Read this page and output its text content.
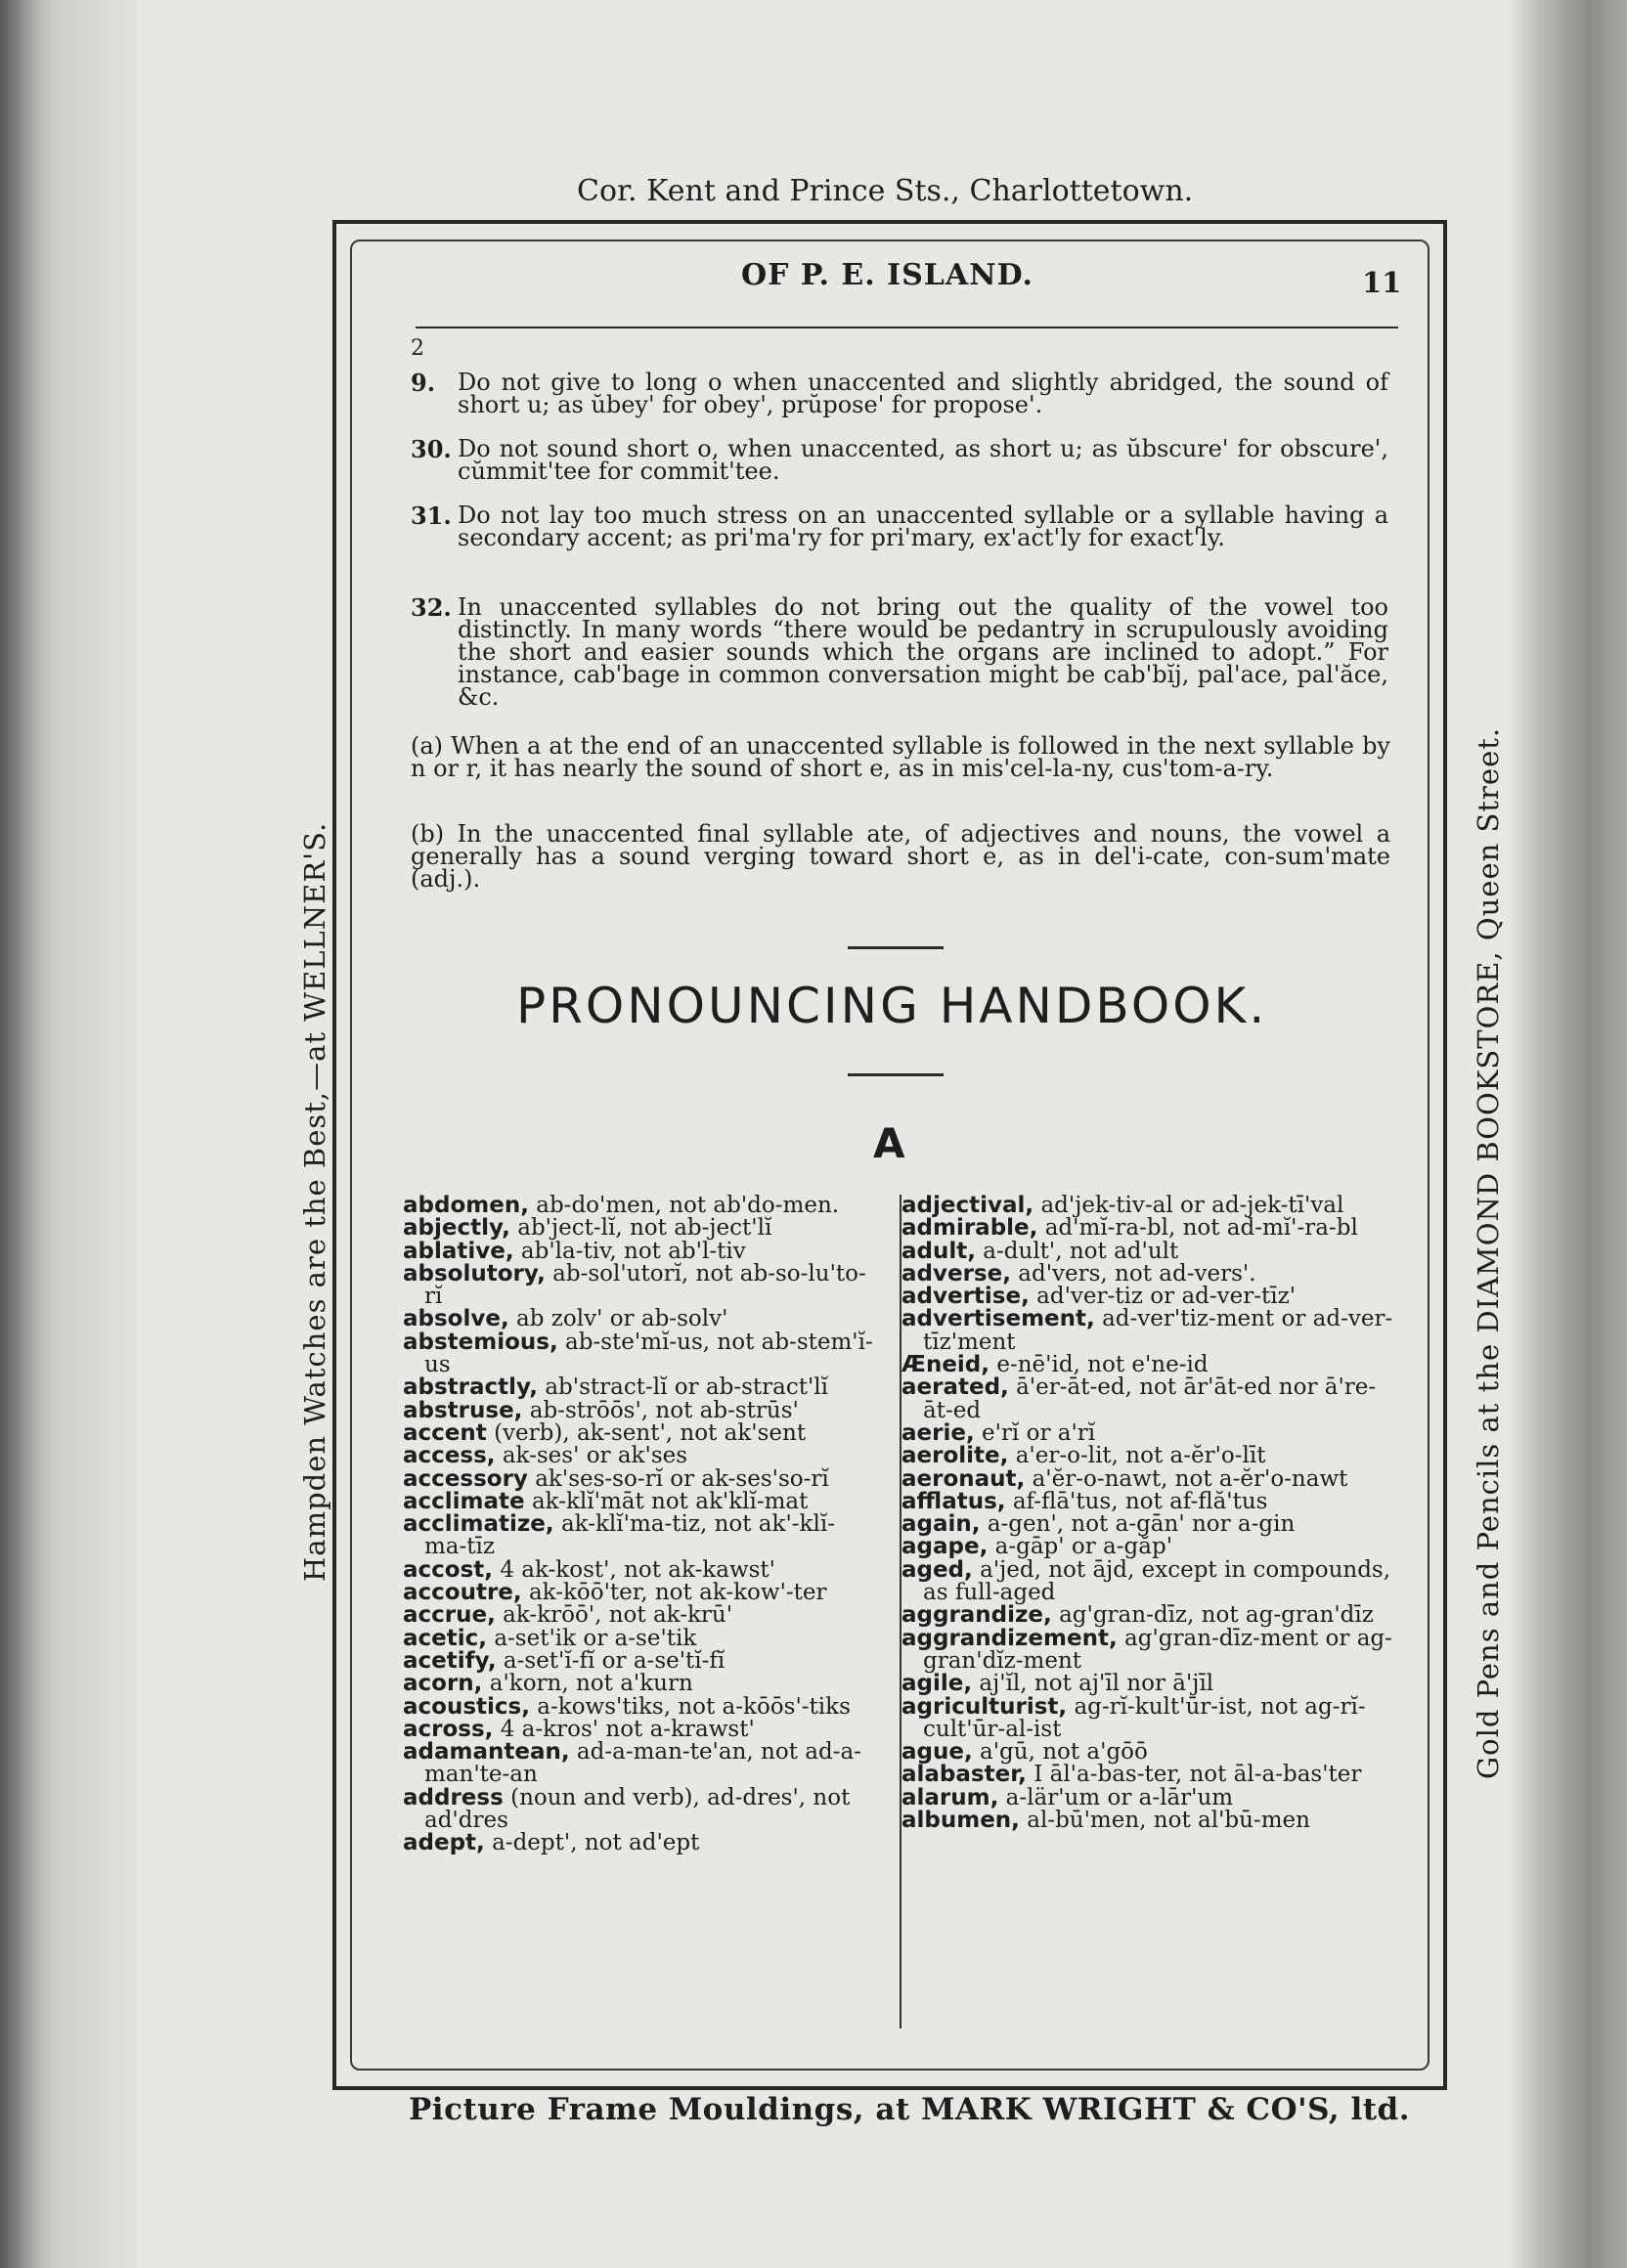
Cor. Kent and Prince Sts., Charlottetown.
Hampden Watches are the Best,—at WELLNER'S.	Gold Pens and Pencils at the DIAMOND BOOKSTORE, Queen Street.
OF P. E. ISLAND.	11
2
9. Do not give to long o when unaccented and slightly abridged, the sound of short u; as ŭbey' for obey', prŭpose' for propose'.
30. Do not sound short o, when unaccented, as short u; as ŭbscure' for obscure', cŭmmit'tee for commit'tee.
31. Do not lay too much stress on an unaccented syllable or a syllable having a secondary accent; as pri'ma'ry for pri'mary, ex'act'ly for exact'ly.
32. In unaccented syllables do not bring out the quality of the vowel too distinctly. In many words “there would be pedantry in scrupulously avoiding the short and easier sounds which the organs are inclined to adopt.” For instance, cab'bage in common conversation might be cab'bĭj, pal'ace, pal'ăce, &c.
(a) When a at the end of an unaccented syllable is followed in the next syllable by n or r, it has nearly the sound of short e, as in mis'cel-la-ny, cus'tom-a-ry.
(b) In the unaccented final syllable ate, of adjectives and nouns, the vowel a generally has a sound verging toward short e, as in del'i-cate, con-sum'mate (adj.).
PRONOUNCING HANDBOOK.
A
abdomen, ab-do'men, not ab'do-men.
abjectly, ab'ject-lĭ, not ab-ject'lĭ
ablative, ab'la-tiv, not ab'l-tiv
absolutory, ab-sol'utorĭ, not ab-so-lu'to-rĭ
absolve, ab zolv' or ab-solv'
abstemious, ab-ste'mĭ-us, not ab-stem'ĭ-us
abstractly, ab'stract-lĭ or ab-stract'lĭ
abstruse, ab-strōōs', not ab-strūs'
accent (verb), ak-sent', not ak'sent
access, ak-ses' or ak'ses
accessory ak'ses-so-rĭ or ak-ses'so-rĭ
acclimate ak-klĭ'māt not ak'klĭ-mat
acclimatize, ak-klĭ'ma-tiz, not ak'-klĭ-ma-tīz
accost, 4 ak-kost', not ak-kawst'
accoutre, ak-kōō'ter, not ak-kow'-ter
accrue, ak-krōō', not ak-krū'
acetic, a-set'ik or a-se'tik
acetify, a-set'ĭ-fĭ or a-se'tĭ-fĭ
acorn, a'korn, not a'kurn
acoustics, a-kows'tiks, not a-kōōs'-tiks
across, 4 a-kros' not a-krawst'
adamantean, ad-a-man-te'an, not ad-a-man'te-an
address (noun and verb), ad-dres', not ad'dres
adept, a-dept', not ad'ept
adjectival, ad'jek-tiv-al or ad-jek-tī'val
admirable, ad'mĭ-ra-bl, not ad-mĭ'-ra-bl
adult, a-dult', not ad'ult
adverse, ad'vers, not ad-vers'.
advertise, ad'ver-tiz or ad-ver-tīz'
advertisement, ad-ver'tiz-ment or ad-ver-tīz'ment
Æneid, e-nē'id, not e'ne-id
aerated, ā'er-āt-ed, not ār'āt-ed nor ā're-āt-ed
aerie, e'rĭ or a'rĭ
aerolite, a'er-o-lit, not a-ĕr'o-līt
aeronaut, a'ĕr-o-nawt, not a-ĕr'o-nawt
afflatus, af-flā'tus, not af-flă'tus
again, a-gen', not a-gān' nor a-gin
agape, a-gāp' or a-găp'
aged, a'jed, not ājd, except in compounds, as full-aged
aggrandize, ag'gran-dīz, not ag-gran'dīz
aggrandizement, ag'gran-dīz-ment or ag-gran'dĭz-ment
agile, aj'ĭl, not aj'īl nor ā'jīl
agriculturist, ag-rĭ-kult'ūr-ist, not ag-rĭ-cult'ūr-al-ist
ague, a'gū, not a'gōō
alabaster, I āl'a-bas-ter, not āl-a-bas'ter
alarum, a-lär'um or a-lār'um
albumen, al-bū'men, not al'bū-men
Picture Frame Mouldings, at MARK WRIGHT & CO'S, ltd.
